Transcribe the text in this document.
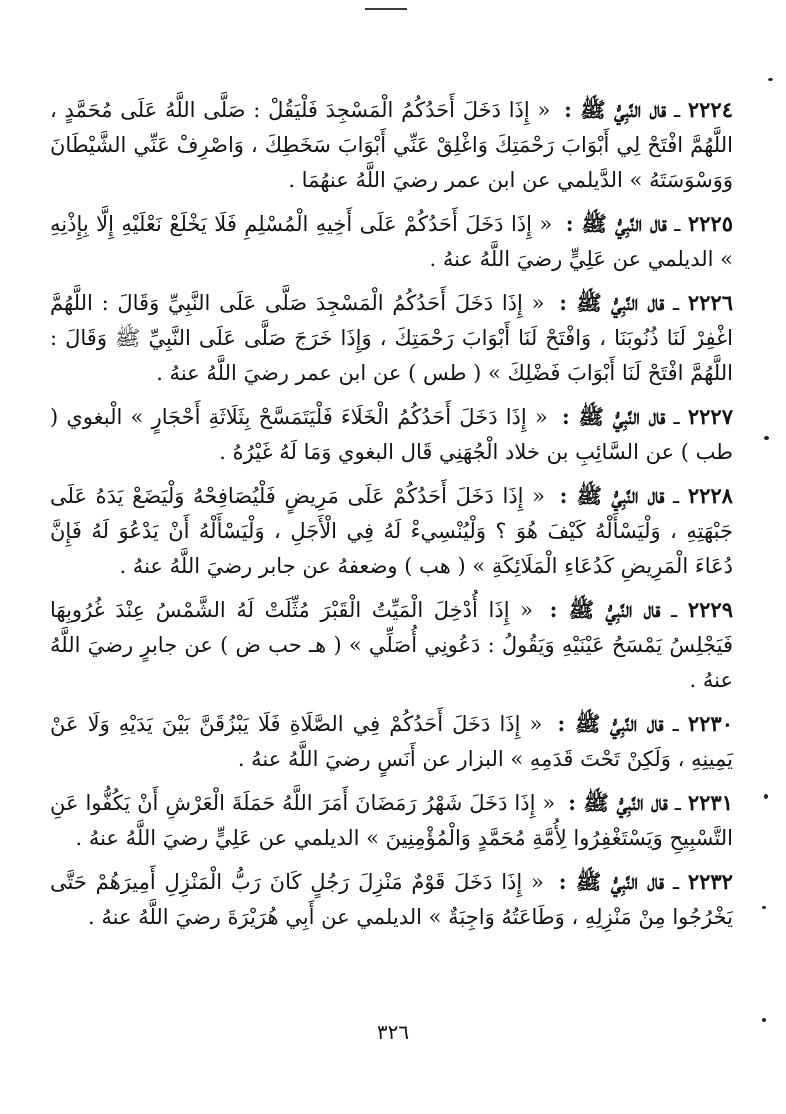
٢٢٢٤ ـ قال النَّبِيُّ ﷺ : « إِذَا دَخَلَ أَحَدُكُمُ الْمَسْجِدَ فَلْيَقُلْ : صَلَّى اللَّهُ عَلَى مُحَمَّدٍ ، اللَّهُمَّ افْتَحْ لِي أَبْوَابَ رَحْمَتِكَ وَاغْلِقْ عَنِّي أَبْوَابَ سَخَطِكَ ، وَاصْرِفْ عَنِّي الشَّيْطَانَ وَوَسْوَسَتَهُ » الدَّيلمي عن ابن عمر رضيَ اللَّهُ عنهُمَا .

٢٢٢٥ ـ قال النَّبِيُّ ﷺ : « إِذَا دَخَلَ أَحَدُكُمْ عَلَى أَخِيهِ الْمُسْلِمِ فَلَا يَخْلَعْ نَعْلَيْهِ إِلَّا بِإِذْنِهِ » الديلمي عن عَلِيٍّ رضيَ اللَّهُ عنهُ .

٢٢٢٦ ـ قال النَّبِيُّ ﷺ : « إِذَا دَخَلَ أَحَدُكُمُ الْمَسْجِدَ صَلَّى عَلَى النَّبِيِّ وَقَالَ : اللَّهُمَّ اغْفِرْ لَنَا ذُنُوبَنَا ، وَافْتَحْ لَنَا أَبْوَابَ رَحْمَتِكَ ، وَإِذَا خَرَجَ صَلَّى عَلَى النَّبِيِّ ﷺ وَقَالَ : اللَّهُمَّ افْتَحْ لَنَا أَبْوَابَ فَضْلِكَ » ( طس ) عن ابن عمر رضيَ اللَّهُ عنهُ .

٢٢٢٧ ـ قال النَّبِيُّ ﷺ : « إِذَا دَخَلَ أَحَدُكُمُ الْخَلَاءَ فَلْيَتَمَسَّحْ بِثَلَاثَةِ أَحْجَارٍ » الْبغوي ( طب ) عن السَّائِبِ بن خلاد الْجُهَنِي قَال البغوي وَمَا لَهُ غَيْرُهُ .

٢٢٢٨ ـ قال النَّبِيُّ ﷺ : « إِذَا دَخَلَ أَحَدُكُمْ عَلَى مَرِيضٍ فَلْيُصَافِحْهُ وَلْيَضَعْ يَدَهُ عَلَى جَبْهَتِهِ ، وَلْيَسْأَلْهُ كَيْفَ هُوَ ؟ وَلْيُنْسِيءْ لَهُ فِي الْأَجَلِ ، وَلْيَسْأَلْهُ أَنْ يَدْعُوَ لَهُ فَإِنَّ دُعَاءَ الْمَرِيضِ كَدُعَاءِ الْمَلَائِكَةِ » ( هب ) وضعفهُ عن جابر رضيَ اللَّهُ عنهُ .

٢٢٢٩ ـ قال النَّبِيُّ ﷺ : « إِذَا أُدْخِلَ الْمَيِّتُ الْقَبْرَ مُثِّلَتْ لَهُ الشَّمْسُ عِنْدَ غُرُوبِهَا فَيَجْلِسُ يَمْسَحُ عَيْنَيْهِ وَيَقُولُ : دَعُونِي أُصَلِّي » ( هـ حب ض ) عن جابرٍ رضيَ اللَّهُ عنهُ .

٢٢٣٠ ـ قال النَّبِيُّ ﷺ : « إِذَا دَخَلَ أَحَدُكُمْ فِي الصَّلَاةِ فَلَا يَبْزُقَنَّ بَيْنَ يَدَيْهِ وَلَا عَنْ يَمِينِهِ ، وَلَكِنْ تَحْتَ قَدَمِهِ » البزار عن أَنَسٍ رضيَ اللَّهُ عنهُ .

٢٢٣١ ـ قال النَّبِيُّ ﷺ : « إِذَا دَخَلَ شَهْرُ رَمَضَانَ أَمَرَ اللَّهُ حَمَلَةَ الْعَرْشِ أَنْ يَكُفُّوا عَنِ التَّسْبِيحِ وَيَسْتَغْفِرُوا لِأُمَّةِ مُحَمَّدٍ وَالْمُؤْمِنِينَ » الديلمي عن عَلِيٍّ رضيَ اللَّهُ عنهُ .

٢٢٣٢ ـ قال النَّبِيُّ ﷺ : « إِذَا دَخَلَ قَوْمٌ مَنْزِلَ رَجُلٍ كَانَ رَبُّ الْمَنْزِلِ أَمِيرَهُمْ حَتَّى يَخْرُجُوا مِنْ مَنْزِلِهِ ، وَطَاعَتُهُ وَاجِبَةٌ » الديلمي عن أَبِي هُرَيْرَةَ رضيَ اللَّهُ عنهُ .

٣٢٦
